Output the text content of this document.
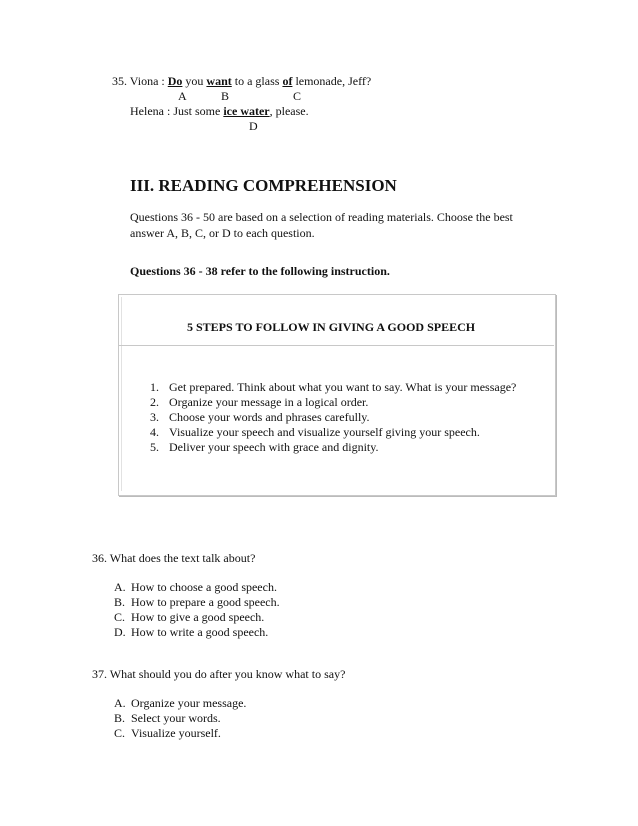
35. Viona : Do you want to a glass of lemonade, Jeff?
A	B	C
Helena : Just some ice water, please.
D
III. READING COMPREHENSION
Questions 36 - 50 are based on a selection of reading materials. Choose the best
answer A, B, C, or D to each question.
Questions 36 - 38 refer to the following instruction.
5 STEPS TO FOLLOW IN GIVING A GOOD SPEECH
1. Get prepared. Think about what you want to say. What is your message?
2. Organize your message in a logical order.
3. Choose your words and phrases carefully.
4. Visualize your speech and visualize yourself giving your speech.
5. Deliver your speech with grace and dignity.
36. What does the text talk about?
A. How to choose a good speech.
B. How to prepare a good speech.
C. How to give a good speech.
D. How to write a good speech.
37. What should you do after you know what to say?
A. Organize your message.
B. Select your words.
C. Visualize yourself.
